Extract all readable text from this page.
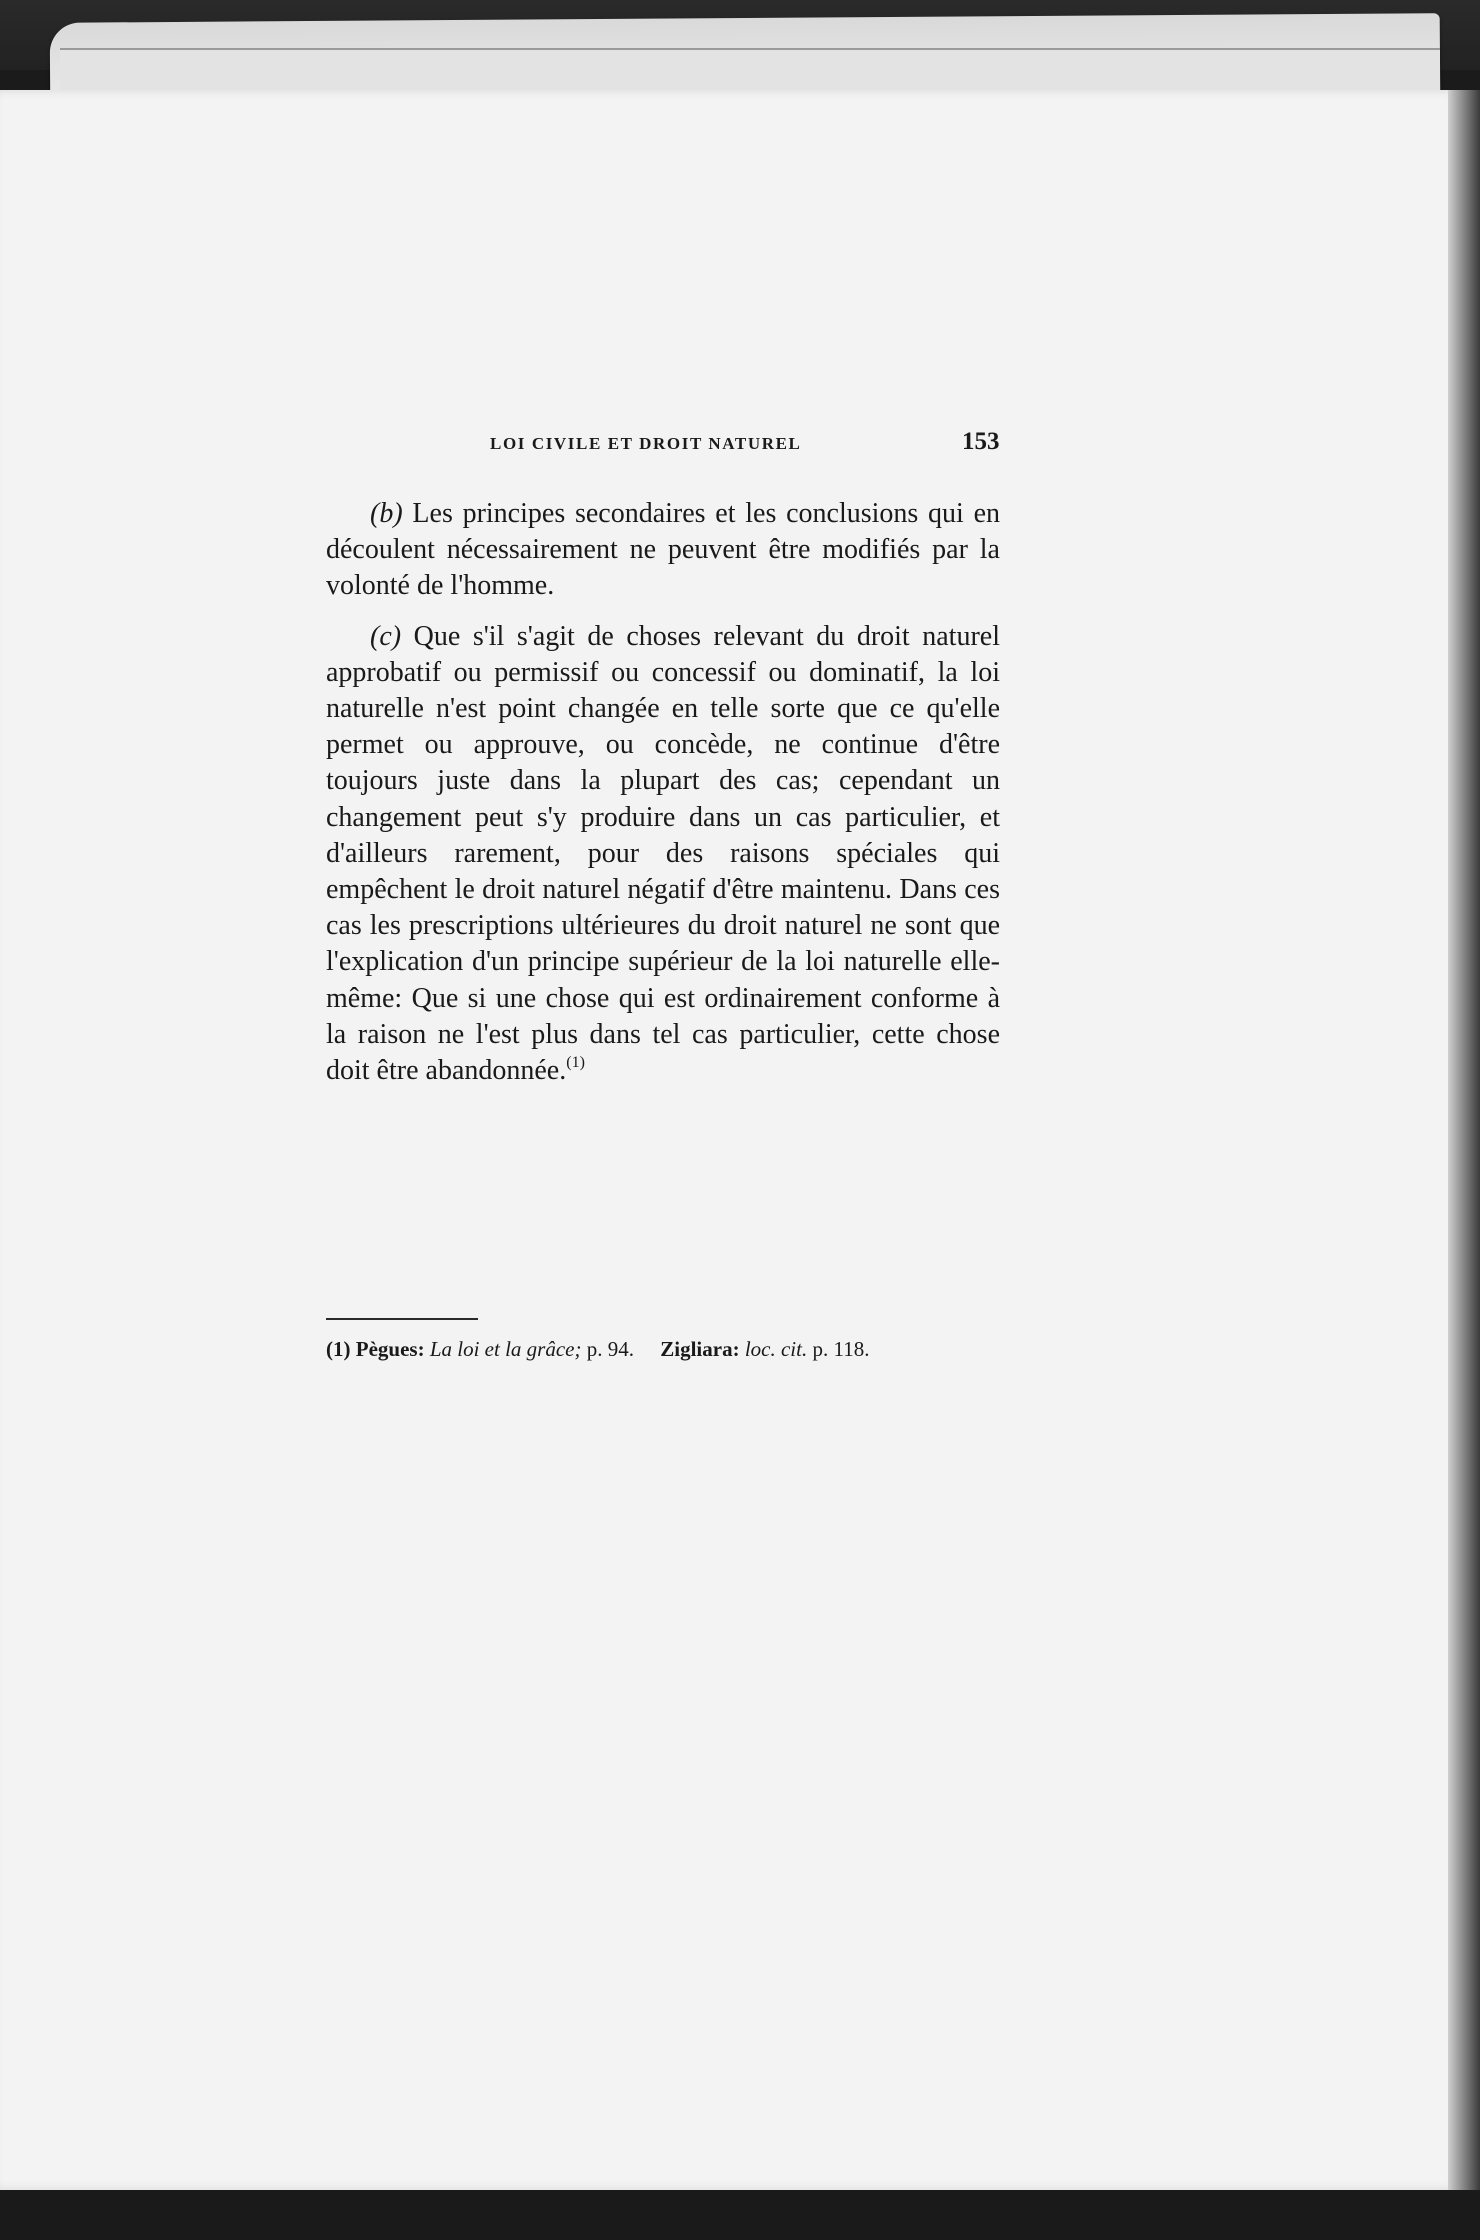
LOI CIVILE ET DROIT NATUREL	153

(b) Les principes secondaires et les conclusions qui en découlent nécessairement ne peuvent être modifiés par la volonté de l'homme.

(c) Que s'il s'agit de choses relevant du droit naturel approbatif ou permissif ou concessif ou dominatif, la loi naturelle n'est point changée en telle sorte que ce qu'elle permet ou approuve, ou concède, ne continue d'être toujours juste dans la plupart des cas; cependant un changement peut s'y produire dans un cas particulier, et d'ailleurs rarement, pour des raisons spéciales qui empêchent le droit naturel négatif d'être maintenu. Dans ces cas les prescriptions ultérieures du droit naturel ne sont que l'explication d'un principe supérieur de la loi naturelle elle-même: Que si une chose qui est ordinairement conforme à la raison ne l'est plus dans tel cas particulier, cette chose doit être abandonnée.$^{(1)}$

(1) Pègues: La loi et la grâce; p. 94. Zigliara: loc. cit. p. 118.
